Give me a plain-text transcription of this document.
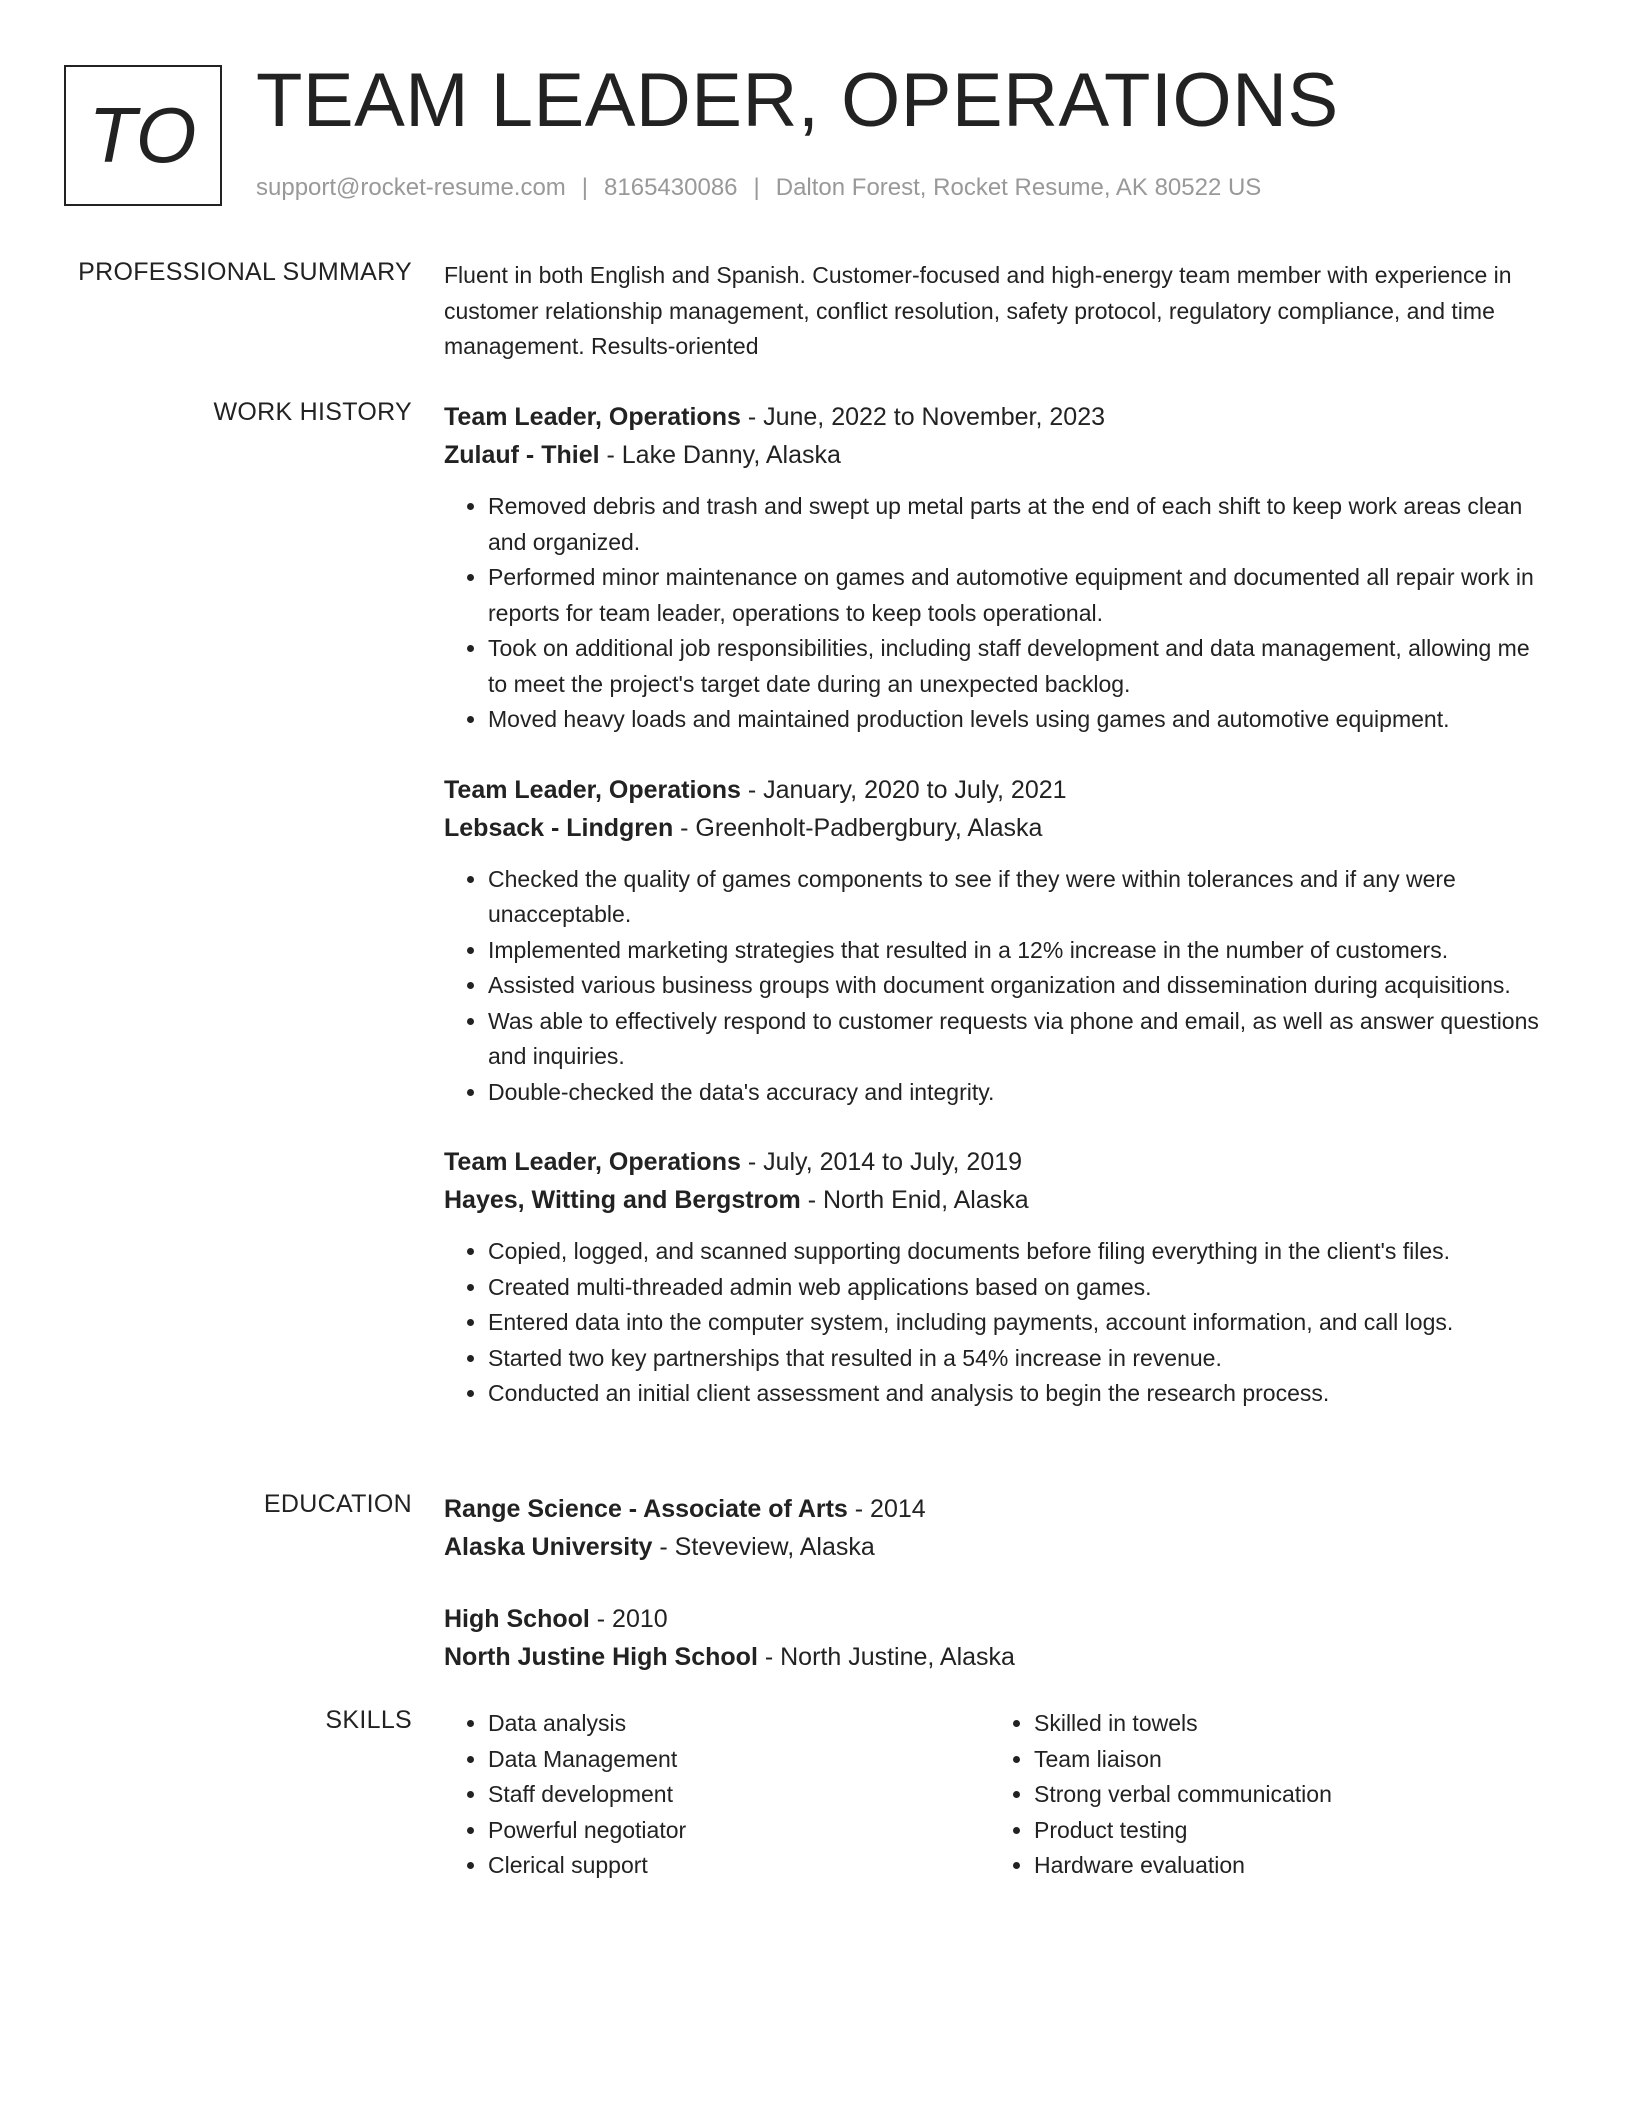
TO TEAM LEADER, OPERATIONS
support@rocket-resume.com | 8165430086 | Dalton Forest, Rocket Resume, AK 80522 US
PROFESSIONAL SUMMARY Fluent in both English and Spanish. Customer-focused and high-energy team member with experience in customer relationship management, conflict resolution, safety protocol, regulatory compliance, and time management. Results-oriented

WORK HISTORY Team Leader, Operations - June, 2022 to November, 2023
Zulauf - Thiel - Lake Danny, Alaska
• Removed debris and trash and swept up metal parts at the end of each shift to keep work areas clean and organized.
• Performed minor maintenance on games and automotive equipment and documented all repair work in reports for team leader, operations to keep tools operational.
• Took on additional job responsibilities, including staff development and data management, allowing me to meet the project's target date during an unexpected backlog.
• Moved heavy loads and maintained production levels using games and automotive equipment.
Team Leader, Operations - January, 2020 to July, 2021
Lebsack - Lindgren - Greenholt-Padbergbury, Alaska
• Checked the quality of games components to see if they were within tolerances and if any were unacceptable.
• Implemented marketing strategies that resulted in a 12% increase in the number of customers.
• Assisted various business groups with document organization and dissemination during acquisitions.
• Was able to effectively respond to customer requests via phone and email, as well as answer questions and inquiries.
• Double-checked the data's accuracy and integrity.
Team Leader, Operations - July, 2014 to July, 2019
Hayes, Witting and Bergstrom - North Enid, Alaska
• Copied, logged, and scanned supporting documents before filing everything in the client's files.
• Created multi-threaded admin web applications based on games.
• Entered data into the computer system, including payments, account information, and call logs.
• Started two key partnerships that resulted in a 54% increase in revenue.
• Conducted an initial client assessment and analysis to begin the research process.
EDUCATION Range Science - Associate of Arts - 2014
Alaska University - Steveview, Alaska
High School - 2010
North Justine High School - North Justine, Alaska
SKILLS
•	Data analysis
• Data Management
• Staff development
• Powerful negotiator
• Clerical support
• Skilled in towels
• Team liaison
• Strong verbal communication
• Product testing
• Hardware evaluation
